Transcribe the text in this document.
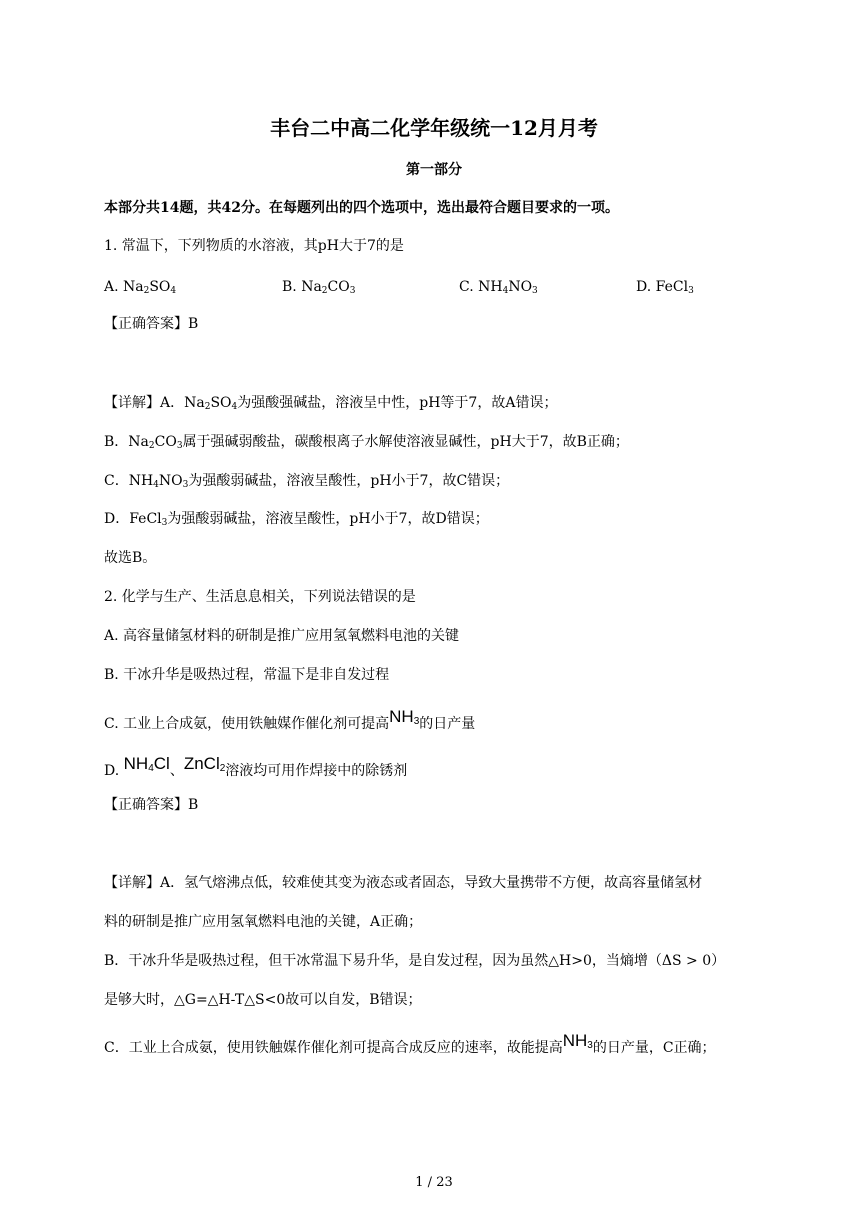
丰台二中高二化学年级统一12月月考
第一部分
本部分共14题，共42分。在每题列出的四个选项中，选出最符合题目要求的一项。
1. 常温下，下列物质的水溶液，其pH大于7的是
A. $Na_2SO_4$	B. $Na_2CO_3$	C. $NH_4NO_3$	D. FeCl$_3$
【正确答案】B
【详解】A．$Na_2SO_4$为强酸强碱盐，溶液呈中性，pH等于7，故A错误；
B．$Na_2CO_3$属于强碱弱酸盐，碳酸根离子水解使溶液显碱性，pH大于7，故B正确；
C．$NH_4NO_3$为强酸弱碱盐，溶液呈酸性，pH小于7，故C错误；
D．FeCl$_3$为强酸弱碱盐，溶液呈酸性，pH小于7，故D错误；
故选B。
2. 化学与生产、生活息息相关，下列说法错误的是
A. 高容量储氢材料的研制是推广应用氢氧燃料电池的关键
B. 干冰升华是吸热过程，常温下是非自发过程
C. 工业上合成氨，使用铁触媒作催化剂可提高$NH_3$的日产量
D. $NH_4Cl$、ZnCl$_2$溶液均可用作焊接中的除锈剂
【正确答案】B
【详解】A．氢气熔沸点低，较难使其变为液态或者固态，导致大量携带不方便，故高容量储氢材
料的研制是推广应用氢氧燃料电池的关键，A正确；
B．干冰升华是吸热过程，但干冰常温下易升华，是自发过程，因为虽然△H>0，当熵增（ΔS > 0）
是够大时，△G=△H-T△S<0故可以自发，B错误；
C．工业上合成氨，使用铁触媒作催化剂可提高合成反应的速率，故能提高$NH_3$的日产量，C正确；
1 / 23
